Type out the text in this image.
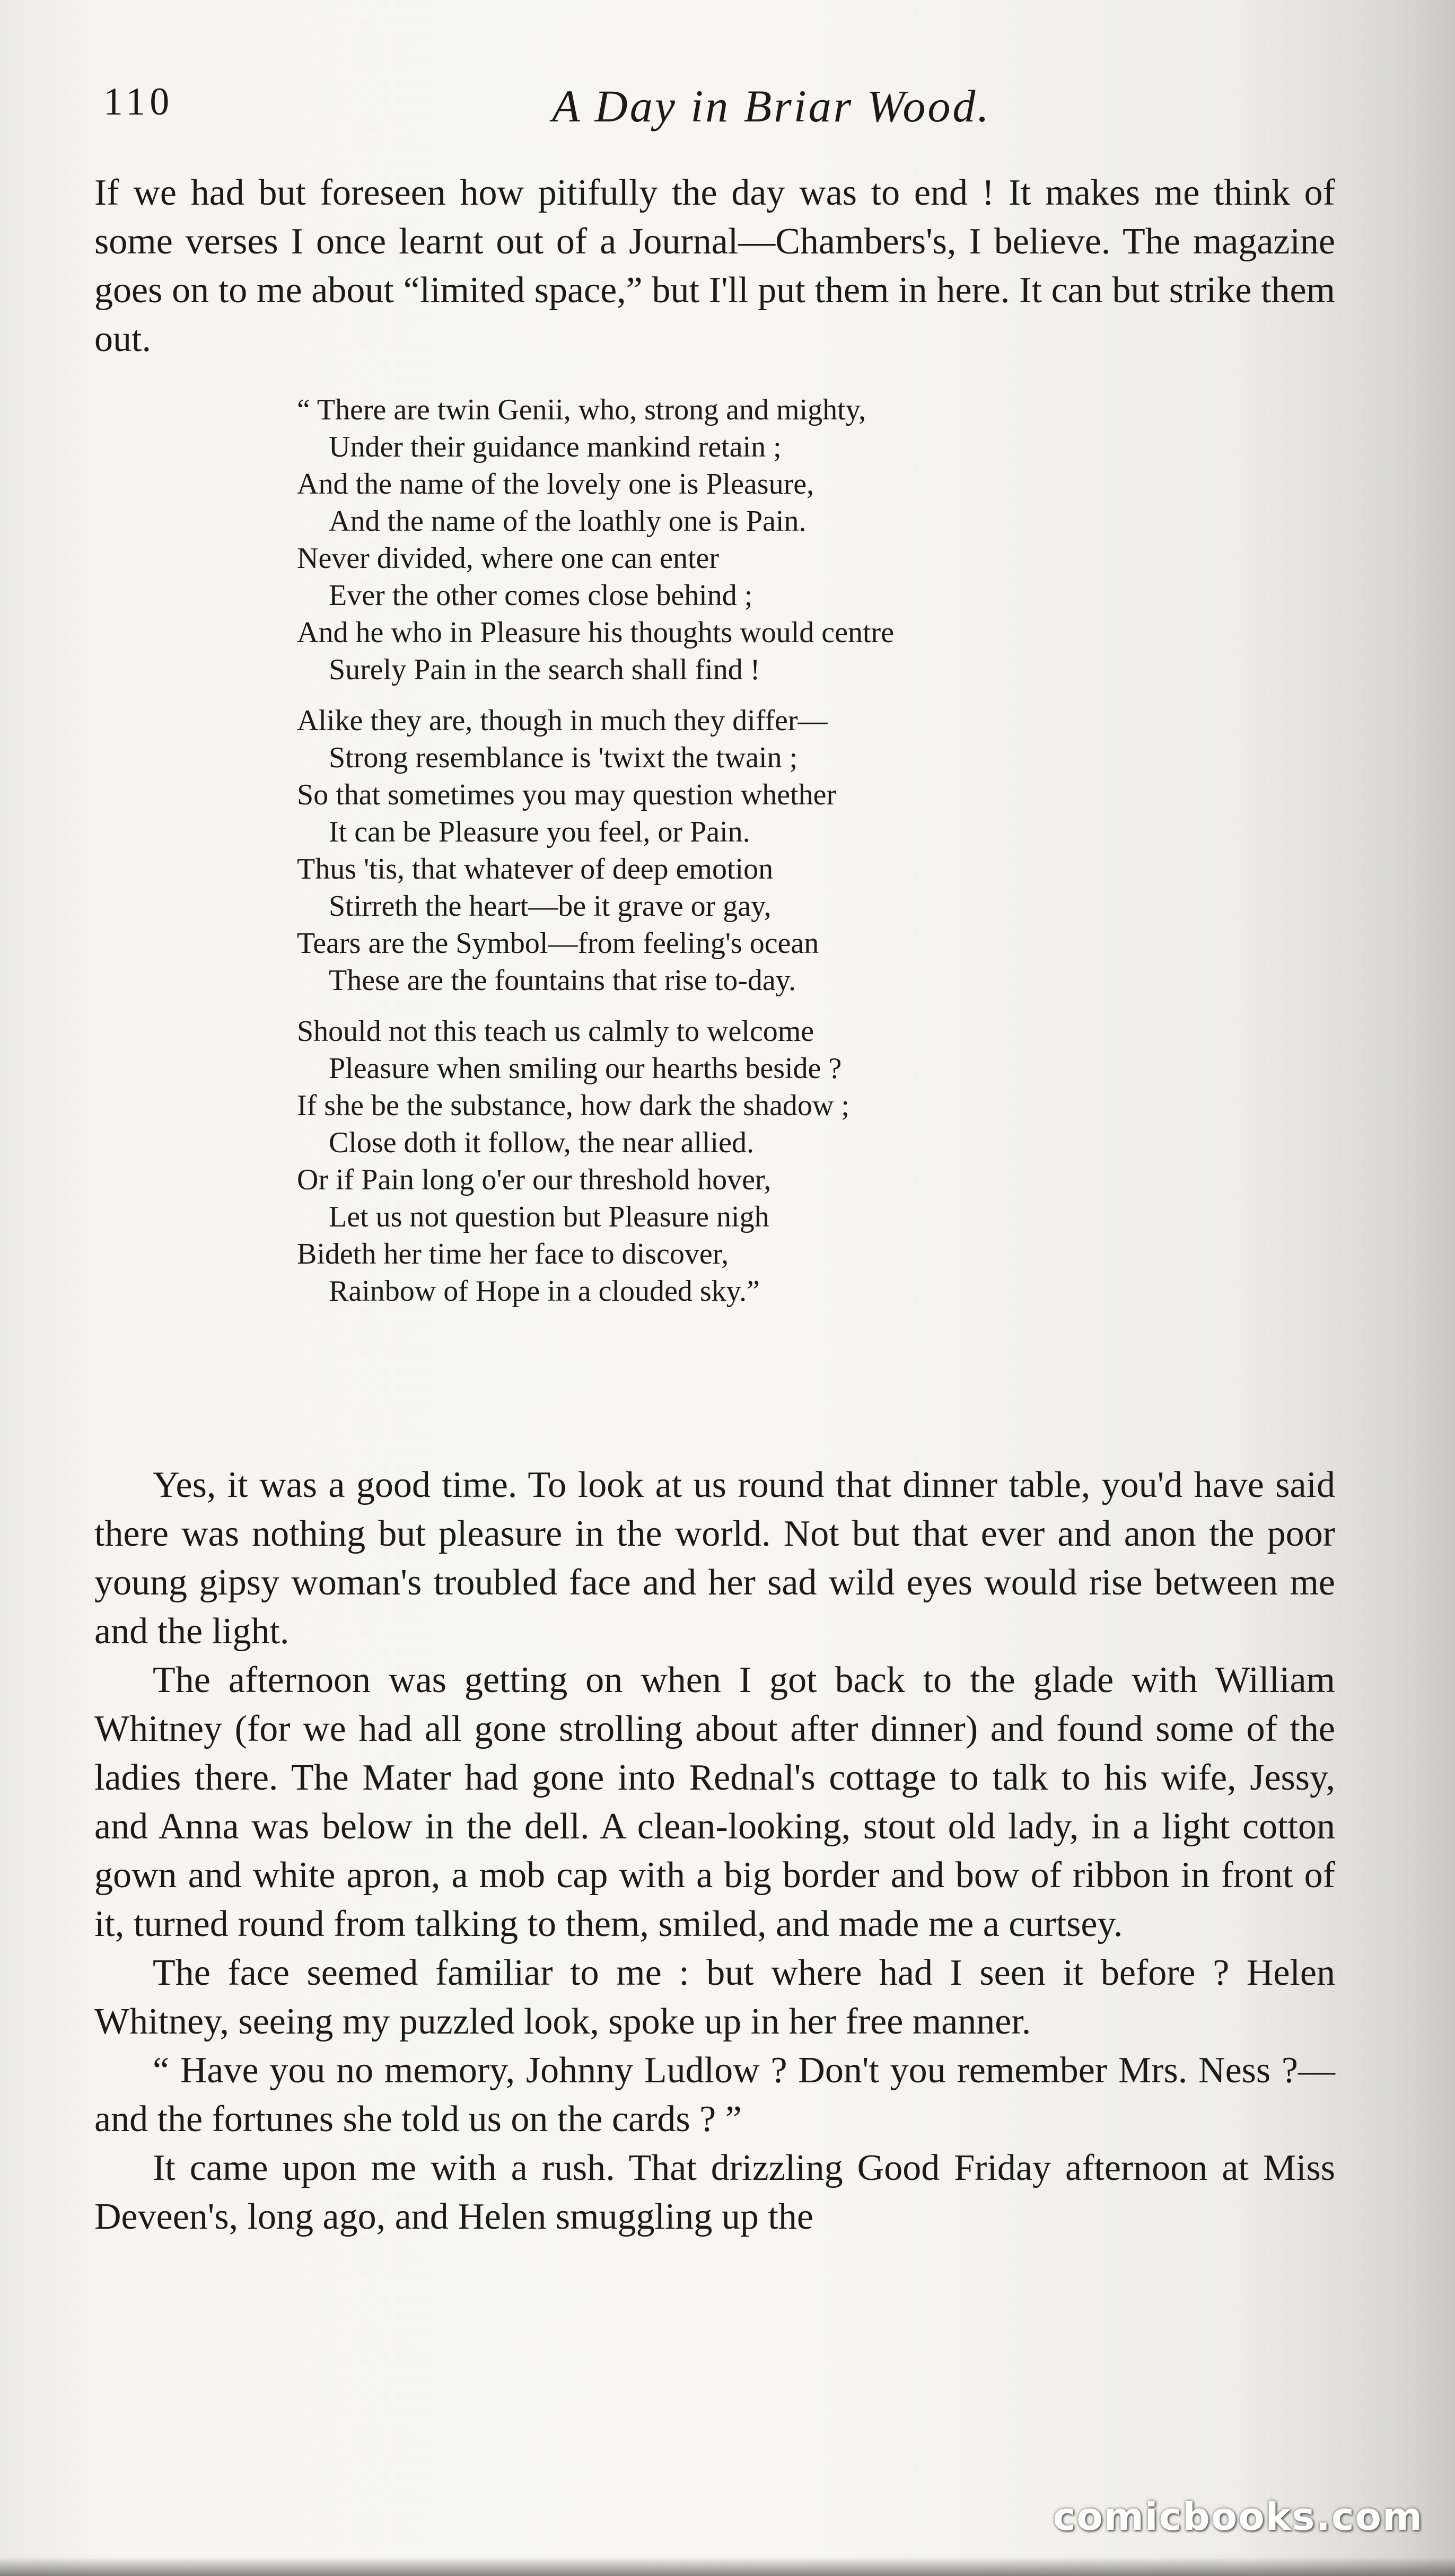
110	A Day in Briar Wood.

If we had but foreseen how pitifully the day was to end ! It makes me think of some verses I once learnt out of a Journal—Chambers's, I believe. The magazine goes on to me about “limited space,” but I'll put them in here. It can but strike them out.

“ There are twin Genii, who, strong and mighty,
Under their guidance mankind retain ;
And the name of the lovely one is Pleasure,
And the name of the loathly one is Pain.
Never divided, where one can enter
Ever the other comes close behind ;
And he who in Pleasure his thoughts would centre
Surely Pain in the search shall find !
Alike they are, though in much they differ—
Strong resemblance is 'twixt the twain ;
So that sometimes you may question whether
It can be Pleasure you feel, or Pain.
Thus 'tis, that whatever of deep emotion
Stirreth the heart—be it grave or gay,
Tears are the Symbol—from feeling's ocean
These are the fountains that rise to-day.
Should not this teach us calmly to welcome
Pleasure when smiling our hearths beside ?
If she be the substance, how dark the shadow ;
Close doth it follow, the near allied.
Or if Pain long o'er our threshold hover,
Let us not question but Pleasure nigh
Bideth her time her face to discover,
Rainbow of Hope in a clouded sky.”

Yes, it was a good time. To look at us round that dinner table, you'd have said there was nothing but pleasure in the world. Not but that ever and anon the poor young gipsy woman's troubled face and her sad wild eyes would rise between me and the light.

The afternoon was getting on when I got back to the glade with William Whitney (for we had all gone strolling about after dinner) and found some of the ladies there. The Mater had gone into Rednal's cottage to talk to his wife, Jessy, and Anna was below in the dell. A clean-looking, stout old lady, in a light cotton gown and white apron, a mob cap with a big border and bow of ribbon in front of it, turned round from talking to them, smiled, and made me a curtsey.

The face seemed familiar to me : but where had I seen it before ? Helen Whitney, seeing my puzzled look, spoke up in her free manner.

“ Have you no memory, Johnny Ludlow ? Don't you remember Mrs. Ness ?—and the fortunes she told us on the cards ? ”

It came upon me with a rush. That drizzling Good Friday afternoon at Miss Deveen's, long ago, and Helen smuggling up the

comicbooks.com
